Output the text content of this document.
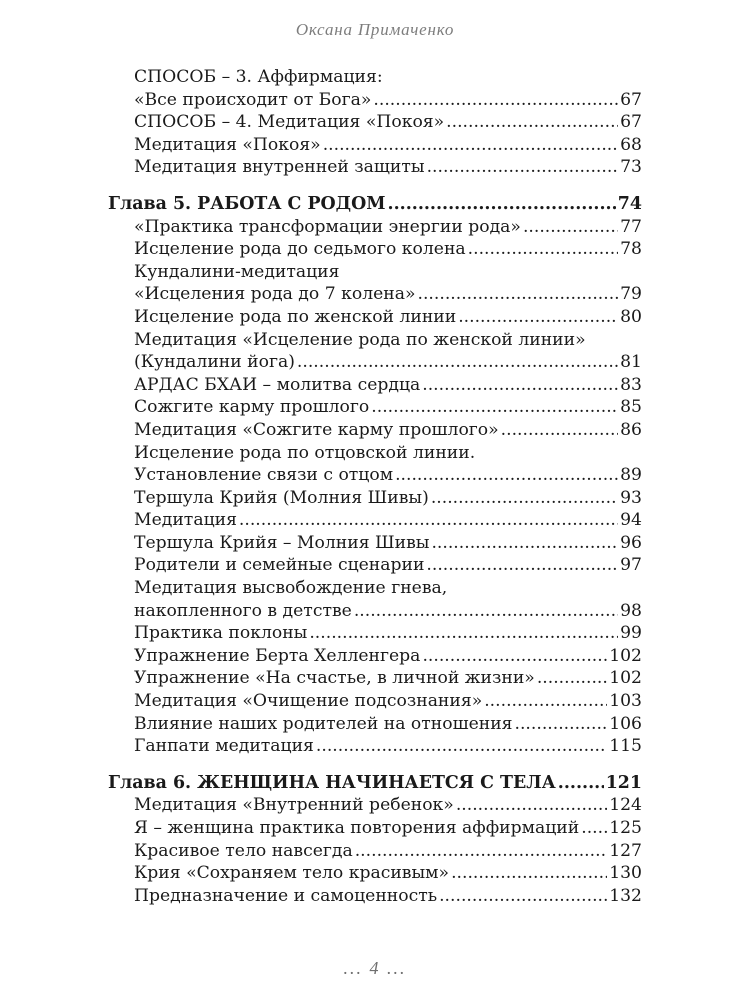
Оксана Примаченко
СПОСОБ – 3. Аффирмация:
«Все происходит от Бога» .....	67
СПОСОБ – 4. Медитация «Покоя» .....	67
Медитация «Покоя» .....	68
Медитация внутренней защиты .....	73
Глава 5. РАБОТА С РОДОМ .....	74
«Практика трансформации энергии рода» .....	77
Исцеление рода до седьмого колена .....	78
Кундалини-медитация
«Исцеления рода до 7 колена» .....	79
Исцеление рода по женской линии .....	80
Медитация «Исцеление рода по женской линии»
(Кундалини йога) .....	81
АРДАС БХАИ – молитва сердца .....	83
Сожгите карму прошлого .....	85
Медитация «Сожгите карму прошлого» .....	86
Исцеление рода по отцовской линии.
Установление связи с отцом .....	89
Тершула Крийя (Молния Шивы) .....	93
Медитация .....	94
Тершула Крийя – Молния Шивы .....	96
Родители и семейные сценарии .....	97
Медитация высвобождение гнева,
накопленного в детстве .....	98
Практика поклоны .....	99
Упражнение Берта Хелленгера .....	102
Упражнение «На счастье, в личной жизни» .....	102
Медитация «Очищение подсознания» .....	103
Влияние наших родителей на отношения .....	106
Ганпати медитация .....	115
Глава 6. ЖЕНЩИНА НАЧИНАЕТСЯ С ТЕЛА .....	121
Медитация «Внутренний ребенок» .....	124
Я – женщина практика повторения аффирмаций ..... 125
Красивое тело навсегда .....	127
Крия «Сохраняем тело красивым» .....	130
Предназначение и самоценность .....	132
... 4 ...
